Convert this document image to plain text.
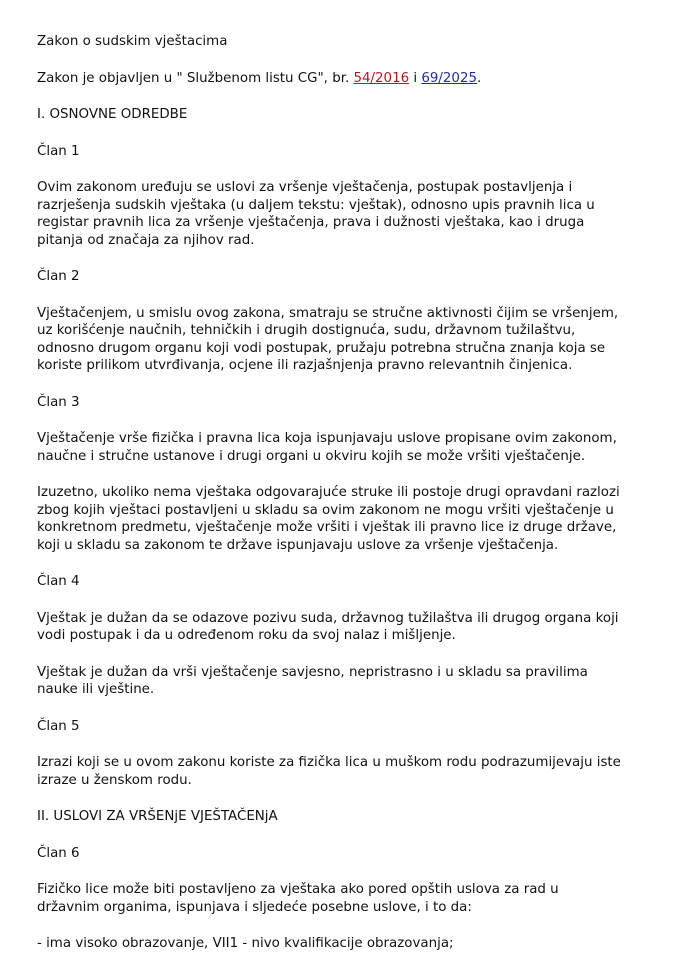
Zakon o sudskim vještacima

Zakon je objavljen u " Službenom listu CG", br. 54/2016 i 69/2025.

I. OSNOVNE ODREDBE

Član 1

Ovim zakonom uređuju se uslovi za vršenje vještačenja, postupak postavljenja i

razrješenja sudskih vještaka (u daljem tekstu: vještak), odnosno upis pravnih lica u

registar pravnih lica za vršenje vještačenja, prava i dužnosti vještaka, kao i druga

pitanja od značaja za njihov rad.

Član 2

Vještačenjem, u smislu ovog zakona, smatraju se stručne aktivnosti čijim se vršenjem,

uz korišćenje naučnih, tehničkih i drugih dostignuća, sudu, državnom tužilaštvu,

odnosno drugom organu koji vodi postupak, pružaju potrebna stručna znanja koja se

koriste prilikom utvrđivanja, ocjene ili razjašnjenja pravno relevantnih činjenica.

Član 3

Vještačenje vrše fizička i pravna lica koja ispunjavaju uslove propisane ovim zakonom,

naučne i stručne ustanove i drugi organi u okviru kojih se može vršiti vještačenje.

Izuzetno, ukoliko nema vještaka odgovarajuće struke ili postoje drugi opravdani razlozi

zbog kojih vještaci postavljeni u skladu sa ovim zakonom ne mogu vršiti vještačenje u

konkretnom predmetu, vještačenje može vršiti i vještak ili pravno lice iz druge države,

koji u skladu sa zakonom te države ispunjavaju uslove za vršenje vještačenja.

Član 4

Vještak je dužan da se odazove pozivu suda, državnog tužilaštva ili drugog organa koji

vodi postupak i da u određenom roku da svoj nalaz i mišljenje.

Vještak je dužan da vrši vještačenje savjesno, nepristrasno i u skladu sa pravilima

nauke ili vještine.

Član 5

Izrazi koji se u ovom zakonu koriste za fizička lica u muškom rodu podrazumijevaju iste

izraze u ženskom rodu.

II. USLOVI ZA VRŠENjE VJEŠTAČENjA

Član 6

Fizičko lice može biti postavljeno za vještaka ako pored opštih uslova za rad u

državnim organima, ispunjava i sljedeće posebne uslove, i to da:

- ima visoko obrazovanje, VII1 - nivo kvalifikacije obrazovanja;
